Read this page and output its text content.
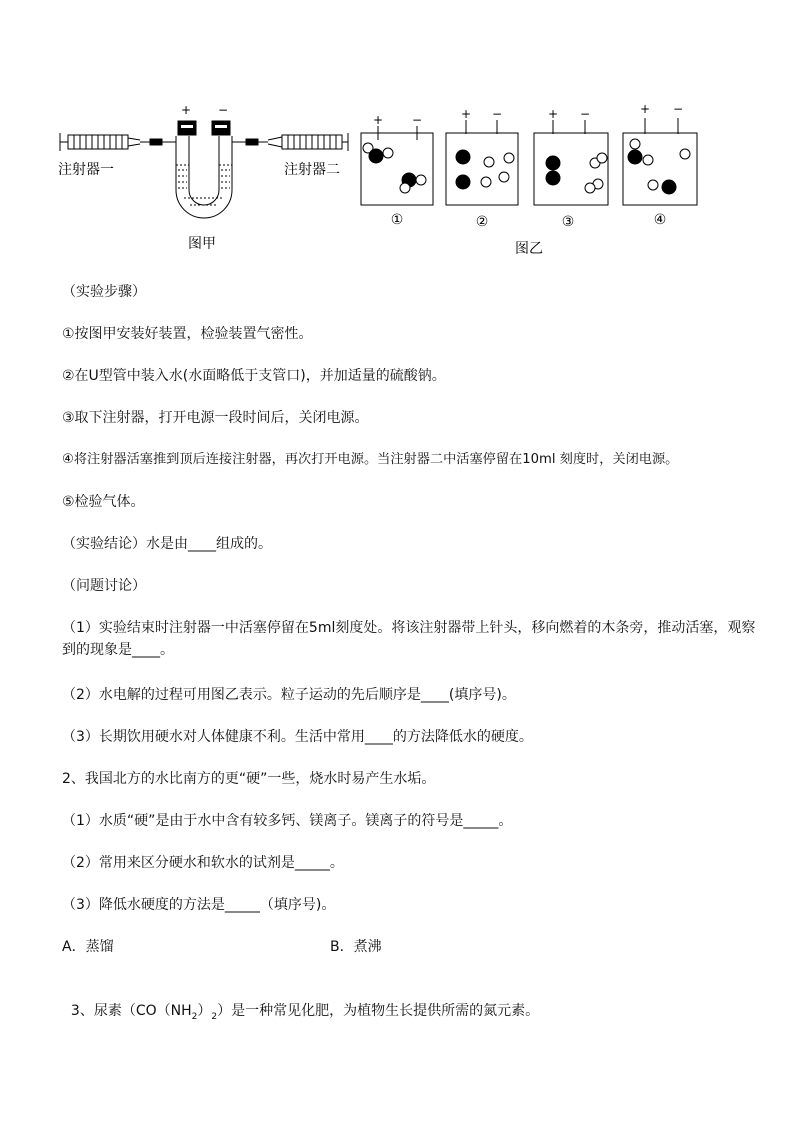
+ −
注射器一	注射器二
图甲
+ −	+ −	+ −	+ −
①	②	③	④
图乙
（实验步骤）
①按图甲安装好装置，检验装置气密性。
②在U型管中装入水(水面略低于支管口)，并加适量的硫酸钠。
③取下注射器，打开电源一段时间后，关闭电源。
④将注射器活塞推到顶后连接注射器，再次打开电源。当注射器二中活塞停留在10ml 刻度时，关闭电源。
⑤检验气体。
（实验结论）水是由____组成的。
（问题讨论）
（1）实验结束时注射器一中活塞停留在5ml刻度处。将该注射器带上针头，移向燃着的木条旁，推动活塞，观察到的现象是____。
（2）水电解的过程可用图乙表示。粒子运动的先后顺序是____(填序号)。
（3）长期饮用硬水对人体健康不利。生活中常用____的方法降低水的硬度。
2、我国北方的水比南方的更“硬”一些，烧水时易产生水垢。
（1）水质“硬”是由于水中含有较多钙、镁离子。镁离子的符号是_____。
（2）常用来区分硬水和软水的试剂是_____。
（3）降低水硬度的方法是_____（填序号)。
A．蒸馏	B．煮沸

3、尿素$(CO(NH_2)_2)$是一种常见化肥，为植物生长提供所需的氮元素。
